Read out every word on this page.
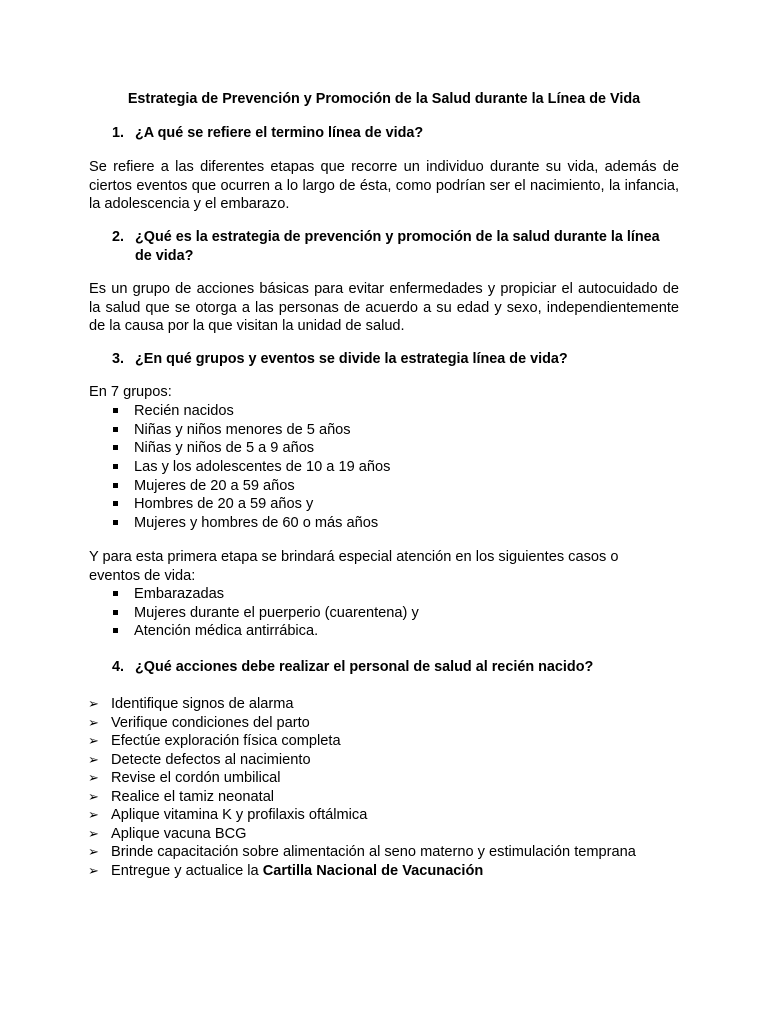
Estrategia de Prevención y Promoción de la Salud durante la Línea de Vida
1. ¿A qué se refiere el termino línea de vida?
Se refiere a las diferentes etapas que recorre un individuo durante su vida, además de ciertos eventos que ocurren a lo largo de ésta, como podrían ser el nacimiento, la infancia, la adolescencia y el embarazo.
2. ¿Qué es la estrategia de prevención y promoción de la salud durante la línea de vida?
Es un grupo de acciones básicas para evitar enfermedades y propiciar el autocuidado de la salud que se otorga a las personas de acuerdo a su edad y sexo, independientemente de la causa por la que visitan la unidad de salud.
3. ¿En qué grupos y eventos se divide la estrategia línea de vida?
En 7 grupos:
Recién nacidos
Niñas y niños menores de 5 años
Niñas y niños de 5 a 9 años
Las y los adolescentes de 10 a 19 años
Mujeres de 20 a 59 años
Hombres de 20 a 59 años y
Mujeres y hombres de 60 o más años
Y para esta primera etapa se brindará especial atención en los siguientes casos o eventos de vida:
Embarazadas
Mujeres durante el puerperio (cuarentena) y
Atención médica antirrábica.
4. ¿Qué acciones debe realizar el personal de salud al recién nacido?
➢ Identifique signos de alarma
➢ Verifique condiciones del parto
➢ Efectúe exploración física completa
➢ Detecte defectos al nacimiento
➢ Revise el cordón umbilical
➢ Realice el tamiz neonatal
➢ Aplique vitamina K y profilaxis oftálmica
➢ Aplique vacuna BCG
➢ Brinde capacitación sobre alimentación al seno materno y estimulación temprana
➢ Entregue y actualice la Cartilla Nacional de Vacunación
